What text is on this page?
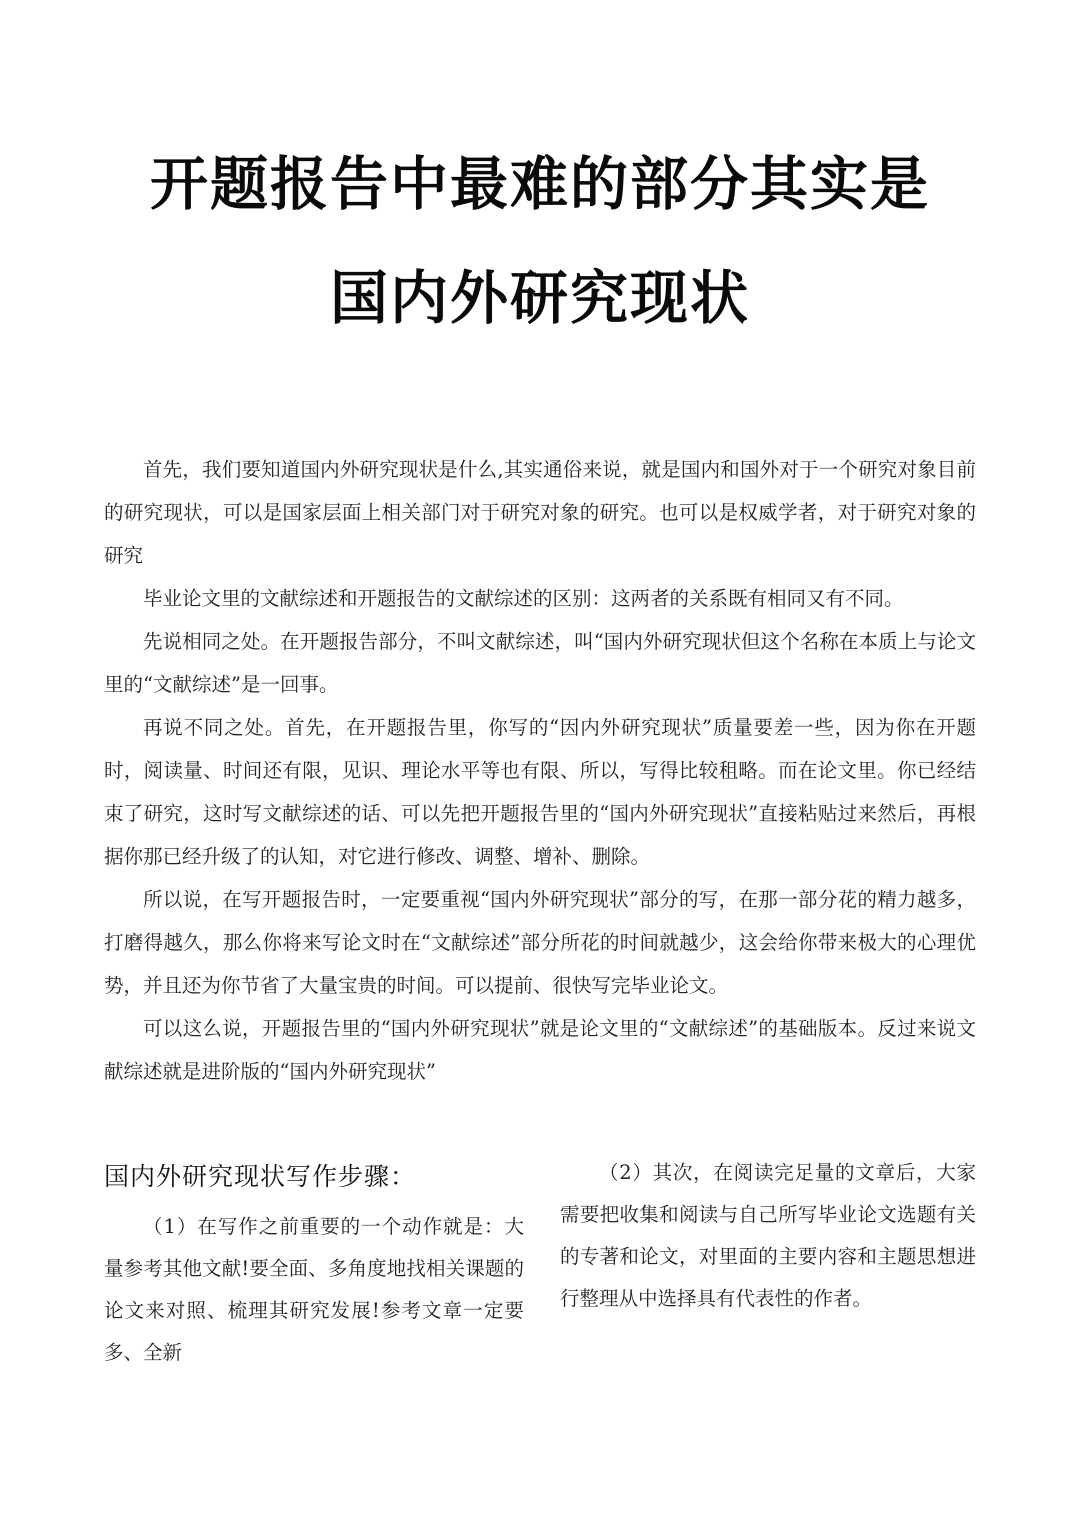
开题报告中最难的部分其实是
国内外研究现状

首先，我们要知道国内外研究现状是什么,其实通俗来说，就是国内和国外对于一个研究对象目前的研究现状，可以是国家层面上相关部门对于研究对象的研究。也可以是权威学者，对于研究对象的研究

毕业论文里的文献综述和开题报告的文献综述的区别：这两者的关系既有相同又有不同。

先说相同之处。在开题报告部分，不叫文献综述，叫“国内外研究现状但这个名称在本质上与论文里的“文献综述”是一回事。

再说不同之处。首先，在开题报告里，你写的“因内外研究现状”质量要差一些，因为你在开题时，阅读量、时间还有限，见识、理论水平等也有限、所以，写得比较租略。而在论文里。你已经结束了研究，这时写文献综述的话、可以先把开题报告里的“国内外研究现状”直接粘贴过来然后，再根据你那已经升级了的认知，对它进行修改、调整、增补、删除。

所以说，在写开题报告时，一定要重视“国内外研究现状”部分的写，在那一部分花的精力越多，打磨得越久，那么你将来写论文时在“文献综述”部分所花的时间就越少，这会给你带来极大的心理优势，并且还为你节省了大量宝贵的时间。可以提前、很快写完毕业论文。

可以这么说，开题报告里的“国内外研究现状”就是论文里的“文献综述”的基础版本。反过来说文献综述就是进阶版的“国内外研究现状”

国内外研究现状写作步骤：

（1）在写作之前重要的一个动作就是：大量参考其他文献!要全面、多角度地找相关课题的论文来对照、梳理其研究发展!参考文章一定要多、全新

（2）其次，在阅读完足量的文章后，大家需要把收集和阅读与自己所写毕业论文选题有关的专著和论文，对里面的主要内容和主题思想进行整理从中选择具有代表性的作者。
